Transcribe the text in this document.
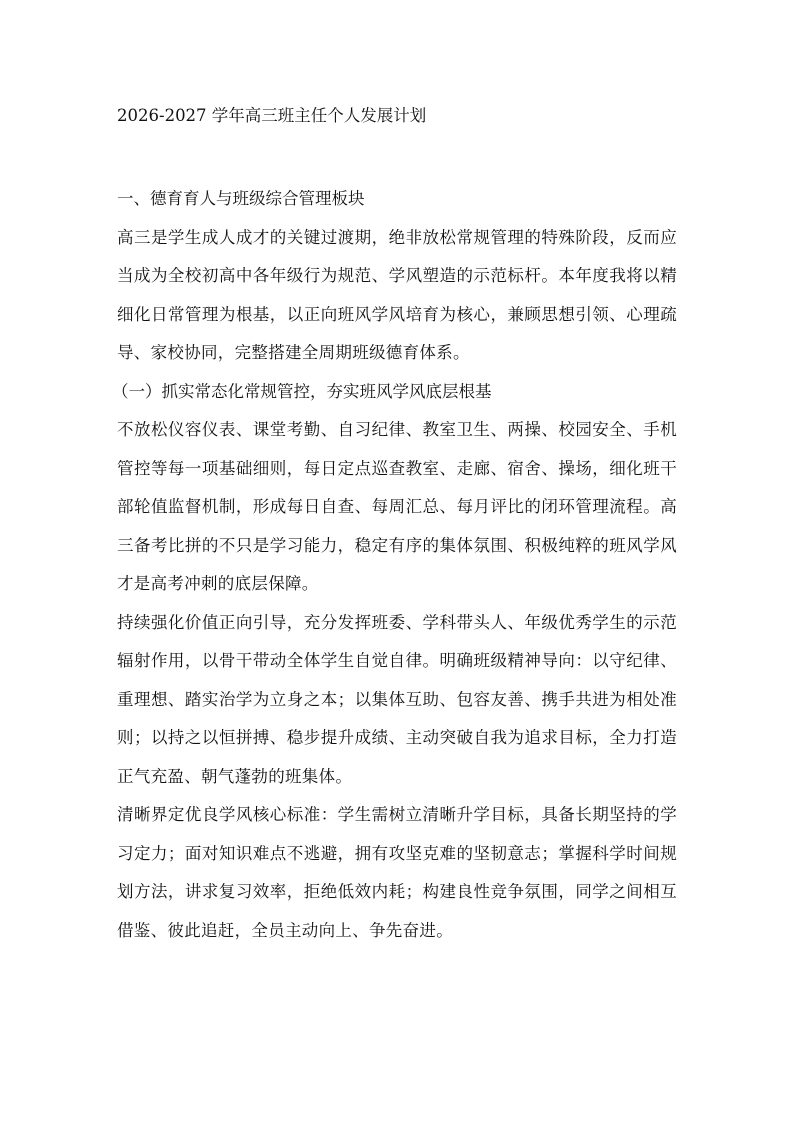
2026-2027 学年高三班主任个人发展计划
一、德育育人与班级综合管理板块

高三是学生成人成才的关键过渡期，绝非放松常规管理的特殊阶段，反而应当成为全校初高中各年级行为规范、学风塑造的示范标杆。本年度我将以精细化日常管理为根基，以正向班风学风培育为核心，兼顾思想引领、心理疏导、家校协同，完整搭建全周期班级德育体系。

（一）抓实常态化常规管控，夯实班风学风底层根基

不放松仪容仪表、课堂考勤、自习纪律、教室卫生、两操、校园安全、手机管控等每一项基础细则，每日定点巡查教室、走廊、宿舍、操场，细化班干部轮值监督机制，形成每日自查、每周汇总、每月评比的闭环管理流程。高三备考比拼的不只是学习能力，稳定有序的集体氛围、积极纯粹的班风学风才是高考冲刺的底层保障。

持续强化价值正向引导，充分发挥班委、学科带头人、年级优秀学生的示范辐射作用，以骨干带动全体学生自觉自律。明确班级精神导向：以守纪律、重理想、踏实治学为立身之本；以集体互助、包容友善、携手共进为相处准则；以持之以恒拼搏、稳步提升成绩、主动突破自我为追求目标，全力打造正气充盈、朝气蓬勃的班集体。

清晰界定优良学风核心标准：学生需树立清晰升学目标，具备长期坚持的学习定力；面对知识难点不逃避，拥有攻坚克难的坚韧意志；掌握科学时间规划方法，讲求复习效率，拒绝低效内耗；构建良性竞争氛围，同学之间相互借鉴、彼此追赶，全员主动向上、争先奋进。
